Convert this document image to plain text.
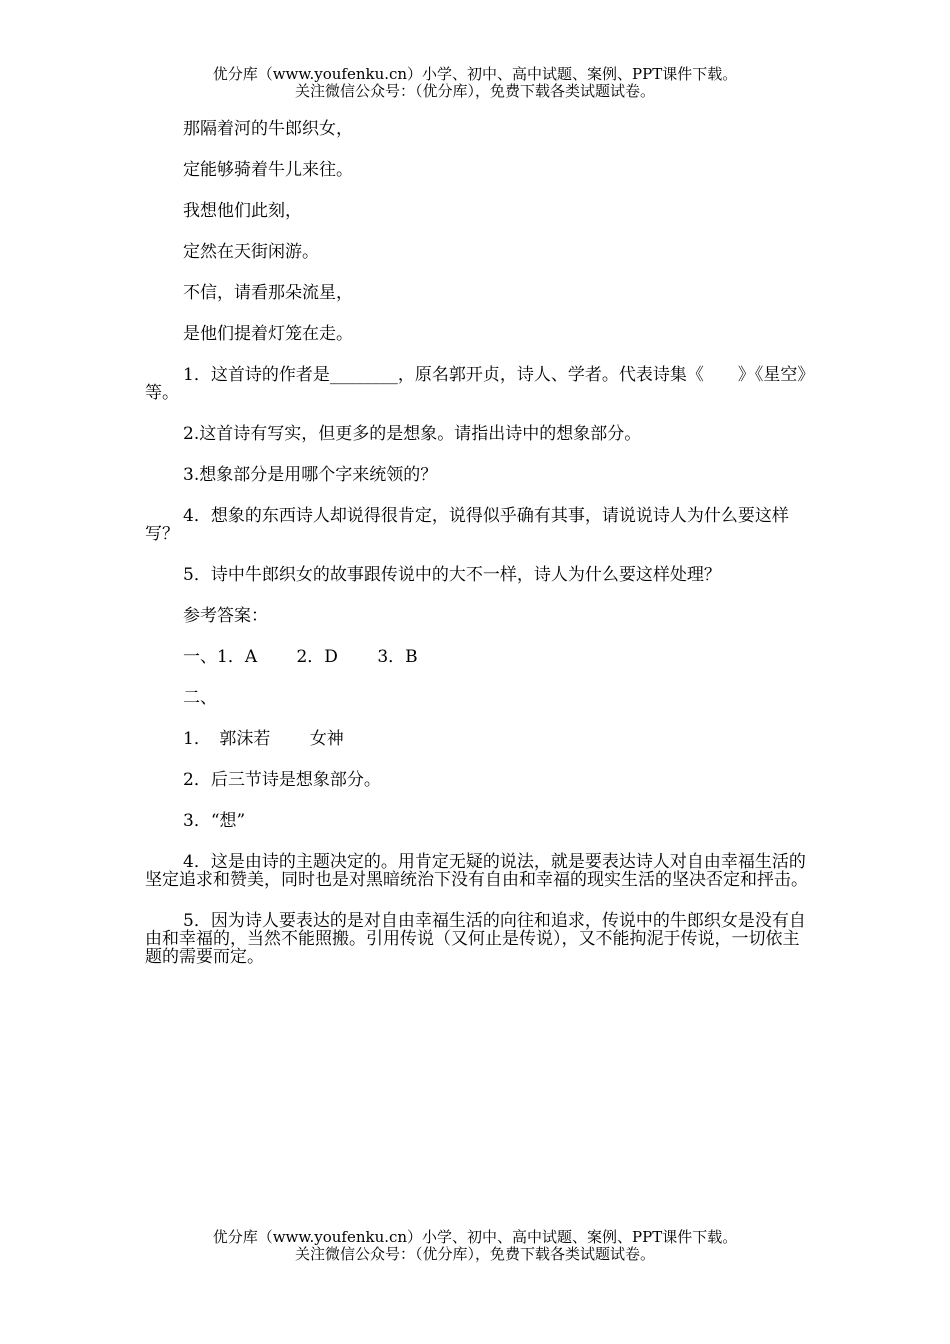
优分库（www.youfenku.cn）小学、初中、高中试题、案例、PPT课件下载。
关注微信公众号：（优分库），免费下载各类试题试卷。

那隔着河的牛郎织女，

定能够骑着牛儿来往。

我想他们此刻，

定然在天街闲游。

不信，请看那朵流星，

是他们提着灯笼在走。

1．这首诗的作者是________，原名郭开贞，诗人、学者。代表诗集《　　》《星空》等。

2.这首诗有写实，但更多的是想象。请指出诗中的想象部分。

3.想象部分是用哪个字来统领的？

4．想象的东西诗人却说得很肯定，说得似乎确有其事，请说说诗人为什么要这样写？

5．诗中牛郎织女的故事跟传说中的大不一样，诗人为什么要这样处理？

参考答案：

一、1．A　　 2．D　　 3．B

二、

1．　郭沫若　　 女神

2．后三节诗是想象部分。

3．“想”

4．这是由诗的主题决定的。用肯定无疑的说法，就是要表达诗人对自由幸福生活的坚定追求和赞美，同时也是对黑暗统治下没有自由和幸福的现实生活的坚决否定和抨击。

5．因为诗人要表达的是对自由幸福生活的向往和追求，传说中的牛郎织女是没有自由和幸福的，当然不能照搬。引用传说（又何止是传说），又不能拘泥于传说，一切依主题的需要而定。

优分库（www.youfenku.cn）小学、初中、高中试题、案例、PPT课件下载。
关注微信公众号：（优分库），免费下载各类试题试卷。
